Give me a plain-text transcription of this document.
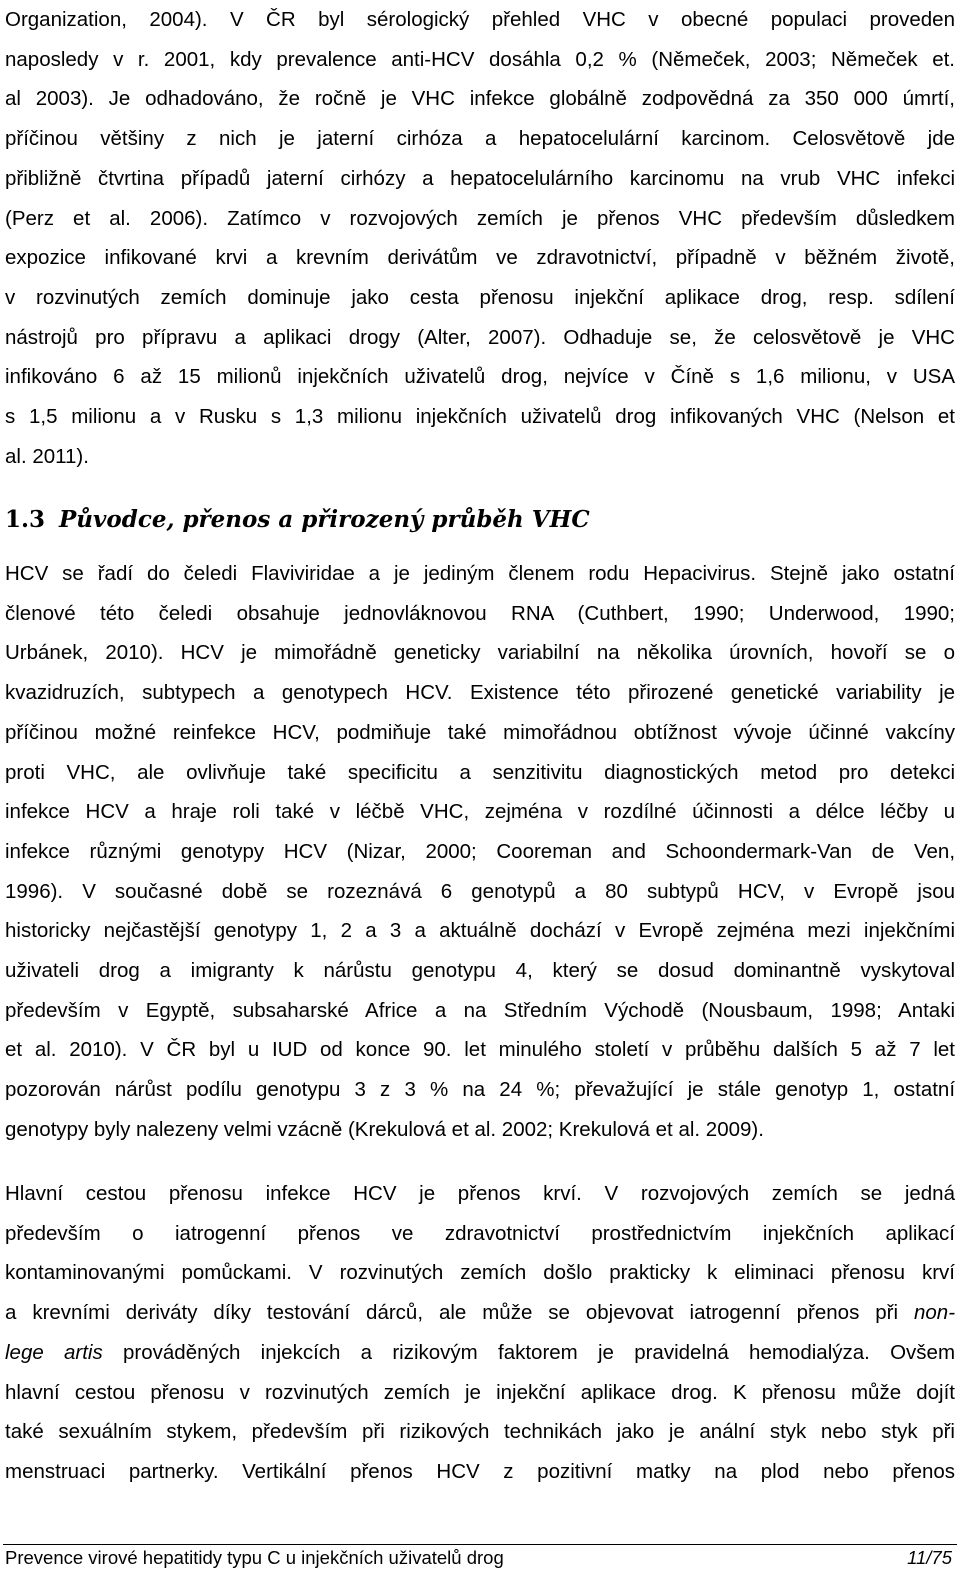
Organization, 2004). V ČR byl sérologický přehled VHC v obecné populaci proveden
naposledy v r. 2001, kdy prevalence anti-HCV dosáhla 0,2 % (Němeček, 2003; Němeček et.
al 2003). Je odhadováno, že ročně je VHC infekce globálně zodpovědná za 350 000 úmrtí,
příčinou většiny z nich je jaterní cirhóza a hepatocelulární karcinom. Celosvětově jde
přibližně čtvrtina případů jaterní cirhózy a hepatocelulárního karcinomu na vrub VHC infekci
(Perz et al. 2006). Zatímco v rozvojových zemích je přenos VHC především důsledkem
expozice infikované krvi a krevním derivátům ve zdravotnictví, případně v běžném životě,
v rozvinutých zemích dominuje jako cesta přenosu injekční aplikace drog, resp. sdílení
nástrojů pro přípravu a aplikaci drogy (Alter, 2007). Odhaduje se, že celosvětově je VHC
infikováno 6 až 15 milionů injekčních uživatelů drog, nejvíce v Číně s 1,6 milionu, v USA
s 1,5 milionu a v Rusku s 1,3 milionu injekčních uživatelů drog infikovaných VHC (Nelson et
al. 2011).
1.3 Původce, přenos a přirozený průběh VHC
HCV se řadí do čeledi Flaviviridae a je jediným členem rodu Hepacivirus. Stejně jako ostatní
členové této čeledi obsahuje jednovláknovou RNA (Cuthbert, 1990; Underwood, 1990;
Urbánek, 2010). HCV je mimořádně geneticky variabilní na několika úrovních, hovoří se o
kvazidruzích, subtypech a genotypech HCV. Existence této přirozené genetické variability je
příčinou možné reinfekce HCV, podmiňuje také mimořádnou obtížnost vývoje účinné vakcíny
proti VHC, ale ovlivňuje také specificitu a senzitivitu diagnostických metod pro detekci
infekce HCV a hraje roli také v léčbě VHC, zejména v rozdílné účinnosti a délce léčby u
infekce různými genotypy HCV (Nizar, 2000; Cooreman and Schoondermark-Van de Ven,
1996). V současné době se rozeznává 6 genotypů a 80 subtypů HCV, v Evropě jsou
historicky nejčastější genotypy 1, 2 a 3 a aktuálně dochází v Evropě zejména mezi injekčními
uživateli drog a imigranty k nárůstu genotypu 4, který se dosud dominantně vyskytoval
především v Egyptě, subsaharské Africe a na Středním Východě (Nousbaum, 1998; Antaki
et al. 2010). V ČR byl u IUD od konce 90. let minulého století v průběhu dalších 5 až 7 let
pozorován nárůst podílu genotypu 3 z 3 % na 24 %; převažující je stále genotyp 1, ostatní
genotypy byly nalezeny velmi vzácně (Krekulová et al. 2002; Krekulová et al. 2009).
Hlavní cestou přenosu infekce HCV je přenos krví. V rozvojových zemích se jedná
především o iatrogenní přenos ve zdravotnictví prostřednictvím injekčních aplikací
kontaminovanými pomůckami. V rozvinutých zemích došlo prakticky k eliminaci přenosu krví
a krevními deriváty díky testování dárců, ale může se objevovat iatrogenní přenos při non-
lege artis prováděných injekcích a rizikovým faktorem je pravidelná hemodialýza. Ovšem
hlavní cestou přenosu v rozvinutých zemích je injekční aplikace drog. K přenosu může dojít
také sexuálním stykem, především při rizikových technikách jako je anální styk nebo styk při
menstruaci partnerky. Vertikální přenos HCV z pozitivní matky na plod nebo přenos
Prevence virové hepatitidy typu C u injekčních uživatelů drog	11/75
